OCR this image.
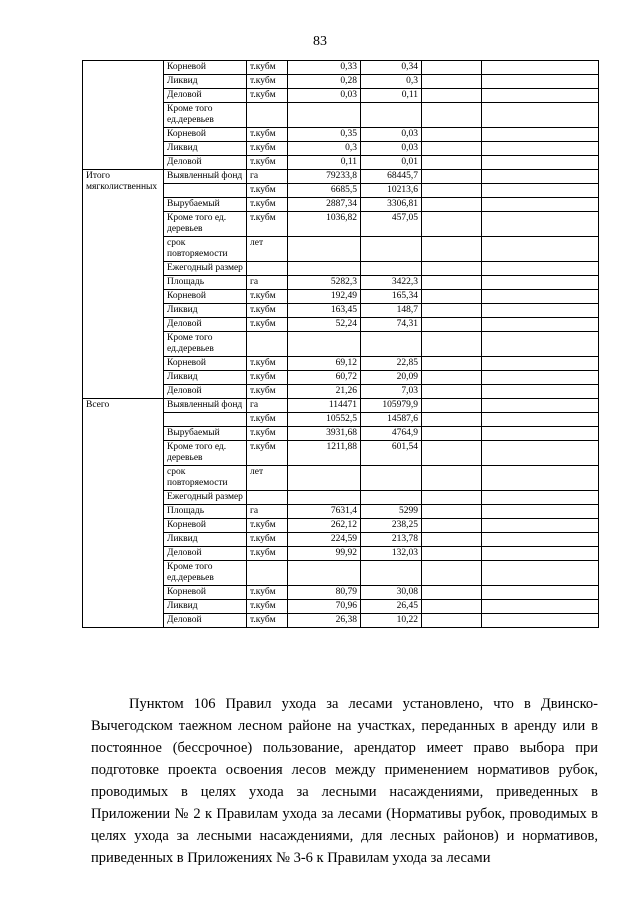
83
	Корневой	т.кубм	0,33	0,34			
	Ликвид	т.кубм	0,28	0,3			
	Деловой	т.кубм	0,03	0,11			
	Кроме того ед.деревьев						
	Корневой	т.кубм	0,35	0,03			
	Ликвид	т.кубм	0,3	0,03			
	Деловой	т.кубм	0,11	0,01			
Итого мягколиственных	Выявленный фонд	га	79233,8	68445,7			
		т.кубм	6685,5	10213,6			
	Вырубаемый	т.кубм	2887,34	3306,81			
	Кроме того ед. деревьев	т.кубм	1036,82	457,05			
	срок повторяемости	лет					
	Ежегодный размер						
	Площадь	га	5282,3	3422,3			
	Корневой	т.кубм	192,49	165,34			
	Ликвид	т.кубм	163,45	148,7			
	Деловой	т.кубм	52,24	74,31			
	Кроме того ед.деревьев						
	Корневой	т.кубм	69,12	22,85			
	Ликвид	т.кубм	60,72	20,09			
	Деловой	т.кубм	21,26	7,03			
Всего	Выявленный фонд	га	114471	105979,9			
		т.кубм	10552,5	14587,6			
	Вырубаемый	т.кубм	3931,68	4764,9			
	Кроме того ед. деревьев	т.кубм	1211,88	601,54			
	срок повторяемости	лет					
	Ежегодный размер						
	Площадь	га	7631,4	5299			
	Корневой	т.кубм	262,12	238,25			
	Ликвид	т.кубм	224,59	213,78			
	Деловой	т.кубм	99,92	132,03			
	Кроме того ед.деревьев						
	Корневой	т.кубм	80,79	30,08			
	Ликвид	т.кубм	70,96	26,45			
	Деловой	т.кубм	26,38	10,22			

Пунктом 106 Правил ухода за лесами установлено, что в Двинско-Вычегодском таежном лесном районе на участках, переданных в аренду или в постоянное (бессрочное) пользование, арендатор имеет право выбора при подготовке проекта освоения лесов между применением нормативов рубок, проводимых в целях ухода за лесными насаждениями, приведенных в Приложении № 2 к Правилам ухода за лесами (Нормативы рубок, проводимых в целях ухода за лесными насаждениями, для лесных районов) и нормативов, приведенных в Приложениях № 3-6 к Правилам ухода за лесами
